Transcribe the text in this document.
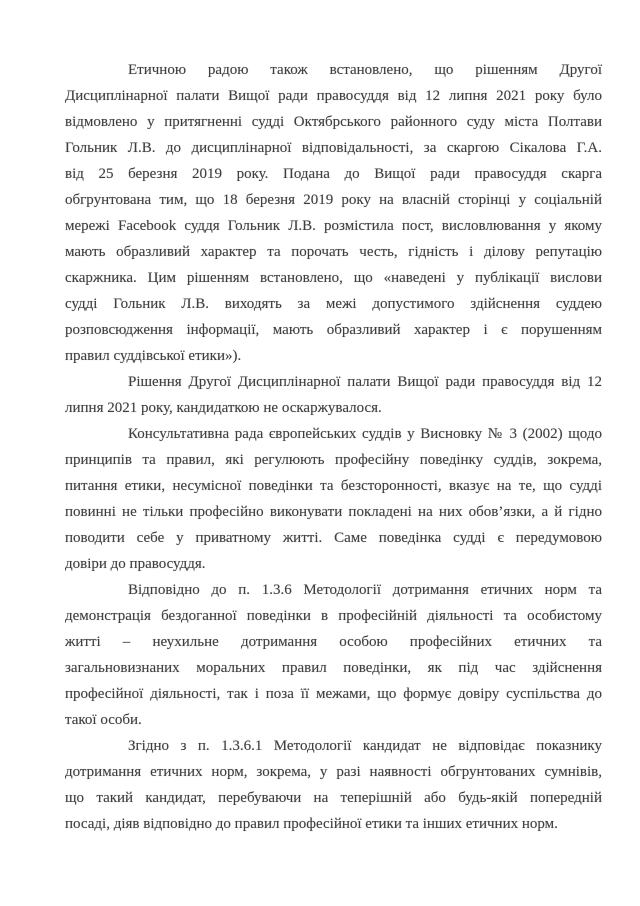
Етичною радою також встановлено, що рішенням Другої
Дисциплінарної палати Вищої ради правосуддя від 12 липня 2021 року було
відмовлено у притягненні судді Октябрського районного суду міста Полтави
Гольник Л.В. до дисциплінарної відповідальності, за скаргою Сікалова Г.А.
від 25 березня 2019 року. Подана до Вищої ради правосуддя скарга
обгрунтована тим, що 18 березня 2019 року на власній сторінці у соціальній
мережі Facebook суддя Гольник Л.В. розмістила пост, висловлювання у якому
мають образливий характер та порочать честь, гідність і ділову репутацію
скаржника. Цим рішенням встановлено, що «наведені у публікації вислови
судді Гольник Л.В. виходять за межі допустимого здійснення суддею
розповсюдження інформації, мають образливий характер і є порушенням
правил суддівської етики»).
Рішення Другої Дисциплінарної палати Вищої ради правосуддя від 12
липня 2021 року, кандидаткою не оскаржувалося.
Консультативна рада європейських суддів у Висновку № 3 (2002) щодо
принципів та правил, які регулюють професійну поведінку суддів, зокрема,
питання етики, несумісної поведінки та безсторонності, вказує на те, що судді
повинні не тільки професійно виконувати покладені на них обов’язки, а й гідно
поводити себе у приватному житті. Саме поведінка судді є передумовою
довіри до правосуддя.
Відповідно до п. 1.3.6 Методології дотримання етичних норм та
демонстрація бездоганної поведінки в професійній діяльності та особистому
житті – неухильне дотримання особою професійних етичних та
загальновизнаних моральних правил поведінки, як під час здійснення
професійної діяльності, так і поза її межами, що формує довіру суспільства до
такої особи.
Згідно з п. 1.3.6.1 Методології кандидат не відповідає показнику
дотримання етичних норм, зокрема, у разі наявності обгрунтованих сумнівів,
що такий кандидат, перебуваючи на теперішній або будь-якій попередній
посаді, діяв відповідно до правил професійної етики та інших етичних норм.
